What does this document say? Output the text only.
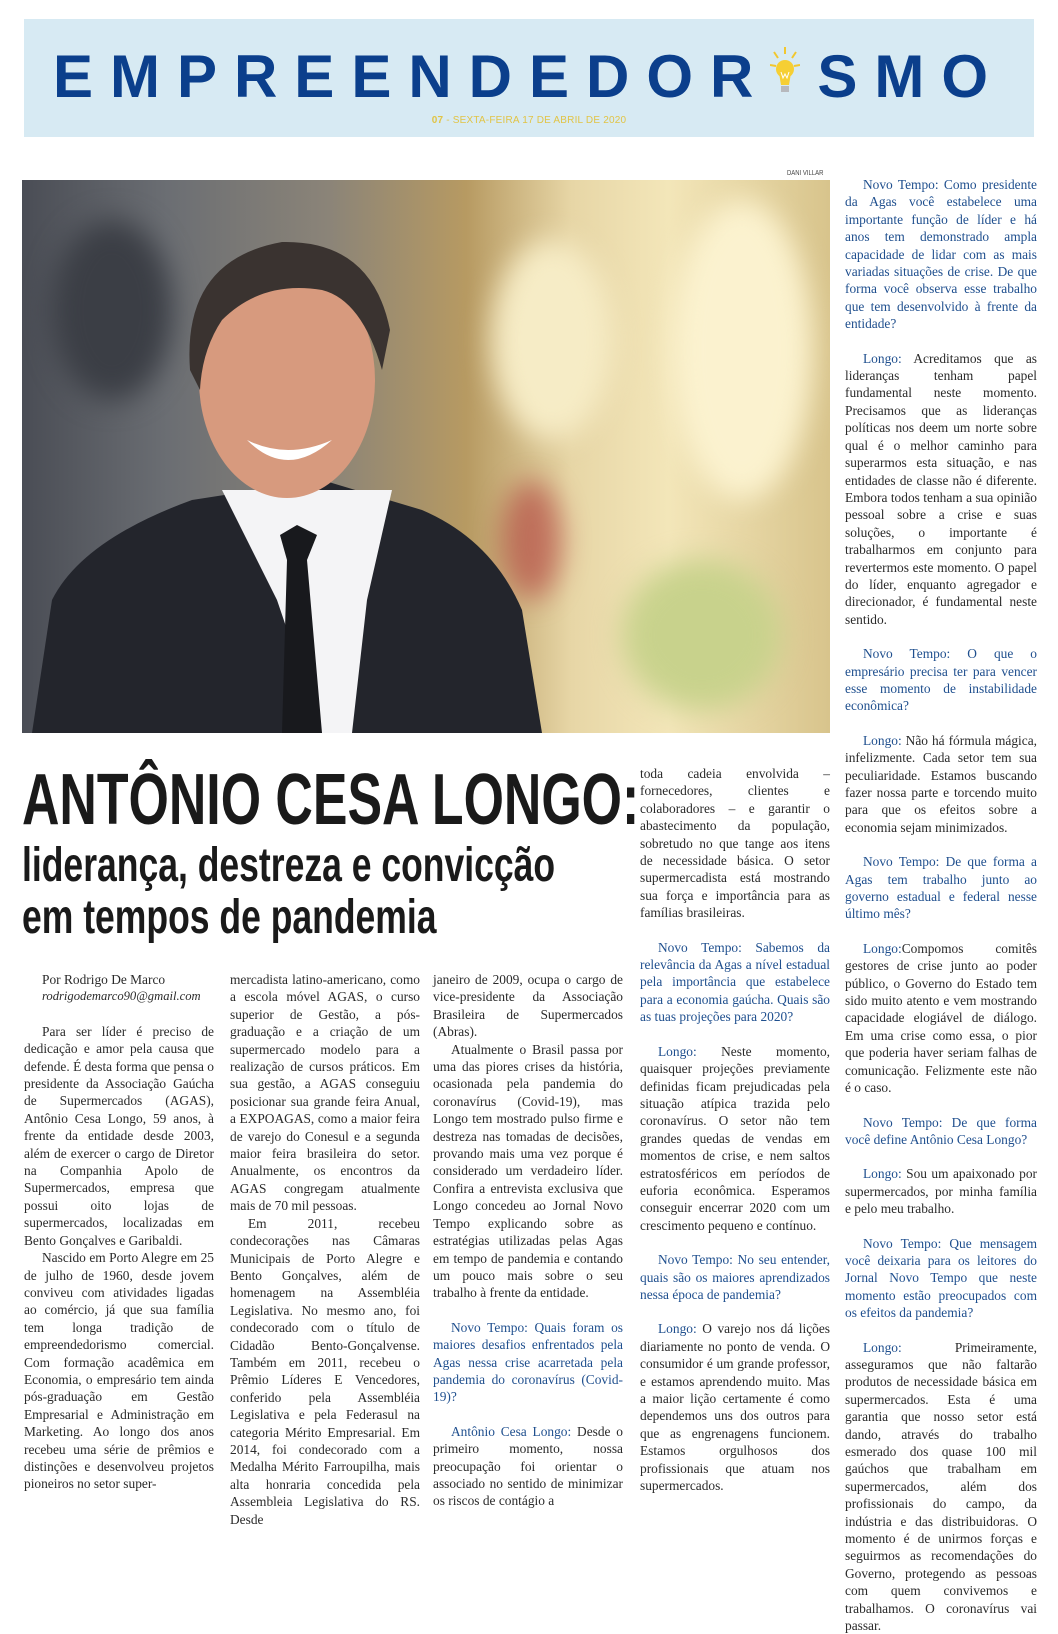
EMPREENDEDOR SMO
07 - SEXTA-FEIRA 17 DE ABRIL DE 2020
DANI VILLAR
ANTÔNIO CESA LONGO:
liderança, destreza e convicção
em tempos de pandemia
Por Rodrigo De Marco
rodrigodemarco90@gmail.com

Para ser líder é preciso de dedicação e amor pela causa que defende. É desta forma que pensa o presidente da Associação Gaúcha de Supermercados (AGAS), Antônio Cesa Longo, 59 anos, à frente da entidade desde 2003, além de exercer o cargo de Diretor na Companhia Apolo de Supermercados, empresa que possui oito lojas de supermercados, localizadas em Bento Gonçalves e Garibaldi.

Nascido em Porto Alegre em 25 de julho de 1960, desde jovem conviveu com atividades ligadas ao comércio, já que sua família tem longa tradição de empreendedorismo comercial. Com formação acadêmica em Economia, o empresário tem ainda pós-graduação em Gestão Empresarial e Administração em Marketing. Ao longo dos anos recebeu uma série de prêmios e distinções e desenvolveu projetos pioneiros no setor super-

mercadista latino-americano, como a escola móvel AGAS, o curso superior de Gestão, a pós-graduação e a criação de um supermercado modelo para a realização de cursos práticos. Em sua gestão, a AGAS conseguiu posicionar sua grande feira Anual, a EXPOAGAS, como a maior feira de varejo do Conesul e a segunda maior feira brasileira do setor. Anualmente, os encontros da AGAS congregam atualmente mais de 70 mil pessoas.

Em 2011, recebeu condecorações nas Câmaras Municipais de Porto Alegre e Bento Gonçalves, além de homenagem na Assembléia Legislativa. No mesmo ano, foi condecorado com o título de Cidadão Bento-Gonçalvense. Também em 2011, recebeu o Prêmio Líderes E Vencedores, conferido pela Assembléia Legislativa e pela Federasul na categoria Mérito Empresarial. Em 2014, foi condecorado com a Medalha Mérito Farroupilha, mais alta honraria concedida pela Assembleia Legislativa do RS. Desde

janeiro de 2009, ocupa o cargo de vice-presidente da Associação Brasileira de Supermercados (Abras).

Atualmente o Brasil passa por uma das piores crises da história, ocasionada pela pandemia do coronavírus (Covid-19), mas Longo tem mostrado pulso firme e destreza nas tomadas de decisões, provando mais uma vez porque é considerado um verdadeiro líder. Confira a entrevista exclusiva que Longo concedeu ao Jornal Novo Tempo explicando sobre as estratégias utilizadas pelas Agas em tempo de pandemia e contando um pouco mais sobre o seu trabalho à frente da entidade.

Novo Tempo: Quais foram os maiores desafios enfrentados pela Agas nessa crise acarretada pela pandemia do coronavírus (Covid-19)?

Antônio Cesa Longo: Desde o primeiro momento, nossa preocupação foi orientar o associado no sentido de minimizar os riscos de contágio a

toda cadeia envolvida – fornecedores, clientes e colaboradores – e garantir o abastecimento da população, sobretudo no que tange aos itens de necessidade básica. O setor supermercadista está mostrando sua força e importância para as famílias brasileiras.

Novo Tempo: Sabemos da relevância da Agas a nível estadual pela importância que estabelece para a economia gaúcha. Quais são as tuas projeções para 2020?

Longo: Neste momento, quaisquer projeções previamente definidas ficam prejudicadas pela situação atípica trazida pelo coronavírus. O setor não tem grandes quedas de vendas em momentos de crise, e nem saltos estratosféricos em períodos de euforia econômica. Esperamos conseguir encerrar 2020 com um crescimento pequeno e contínuo.

Novo Tempo: No seu entender, quais são os maiores aprendizados nessa época de pandemia?

Longo: O varejo nos dá lições diariamente no ponto de venda. O consumidor é um grande professor, e estamos aprendendo muito. Mas a maior lição certamente é como dependemos uns dos outros para que as engrenagens funcionem. Estamos orgulhosos dos profissionais que atuam nos supermercados.

Novo Tempo: Como presidente da Agas você estabelece uma importante função de líder e há anos tem demonstrado ampla capacidade de lidar com as mais variadas situações de crise. De que forma você observa esse trabalho que tem desenvolvido à frente da entidade?

Longo: Acreditamos que as lideranças tenham papel fundamental neste momento. Precisamos que as lideranças políticas nos deem um norte sobre qual é o melhor caminho para superarmos esta situação, e nas entidades de classe não é diferente. Embora todos tenham a sua opinião pessoal sobre a crise e suas soluções, o importante é trabalharmos em conjunto para revertermos este momento. O papel do líder, enquanto agregador e direcionador, é fundamental neste sentido.

Novo Tempo: O que o empresário precisa ter para vencer esse momento de instabilidade econômica?

Longo: Não há fórmula mágica, infelizmente. Cada setor tem sua peculiaridade. Estamos buscando fazer nossa parte e torcendo muito para que os efeitos sobre a economia sejam minimizados.

Novo Tempo: De que forma a Agas tem trabalho junto ao governo estadual e federal nesse último mês?

Longo:Compomos comitês gestores de crise junto ao poder público, o Governo do Estado tem sido muito atento e vem mostrando capacidade elogiável de diálogo. Em uma crise como essa, o pior que poderia haver seriam falhas de comunicação. Felizmente este não é o caso.

Novo Tempo: De que forma você define Antônio Cesa Longo?

Longo: Sou um apaixonado por supermercados, por minha família e pelo meu trabalho.

Novo Tempo: Que mensagem você deixaria para os leitores do Jornal Novo Tempo que neste momento estão preocupados com os efeitos da pandemia?

Longo: Primeiramente, asseguramos que não faltarão produtos de necessidade básica em supermercados. Esta é uma garantia que nosso setor está dando, através do trabalho esmerado dos quase 100 mil gaúchos que trabalham em supermercados, além dos profissionais do campo, da indústria e das distribuidoras. O momento é de unirmos forças e seguirmos as recomendações do Governo, protegendo as pessoas com quem convivemos e trabalhamos. O coronavírus vai passar.
